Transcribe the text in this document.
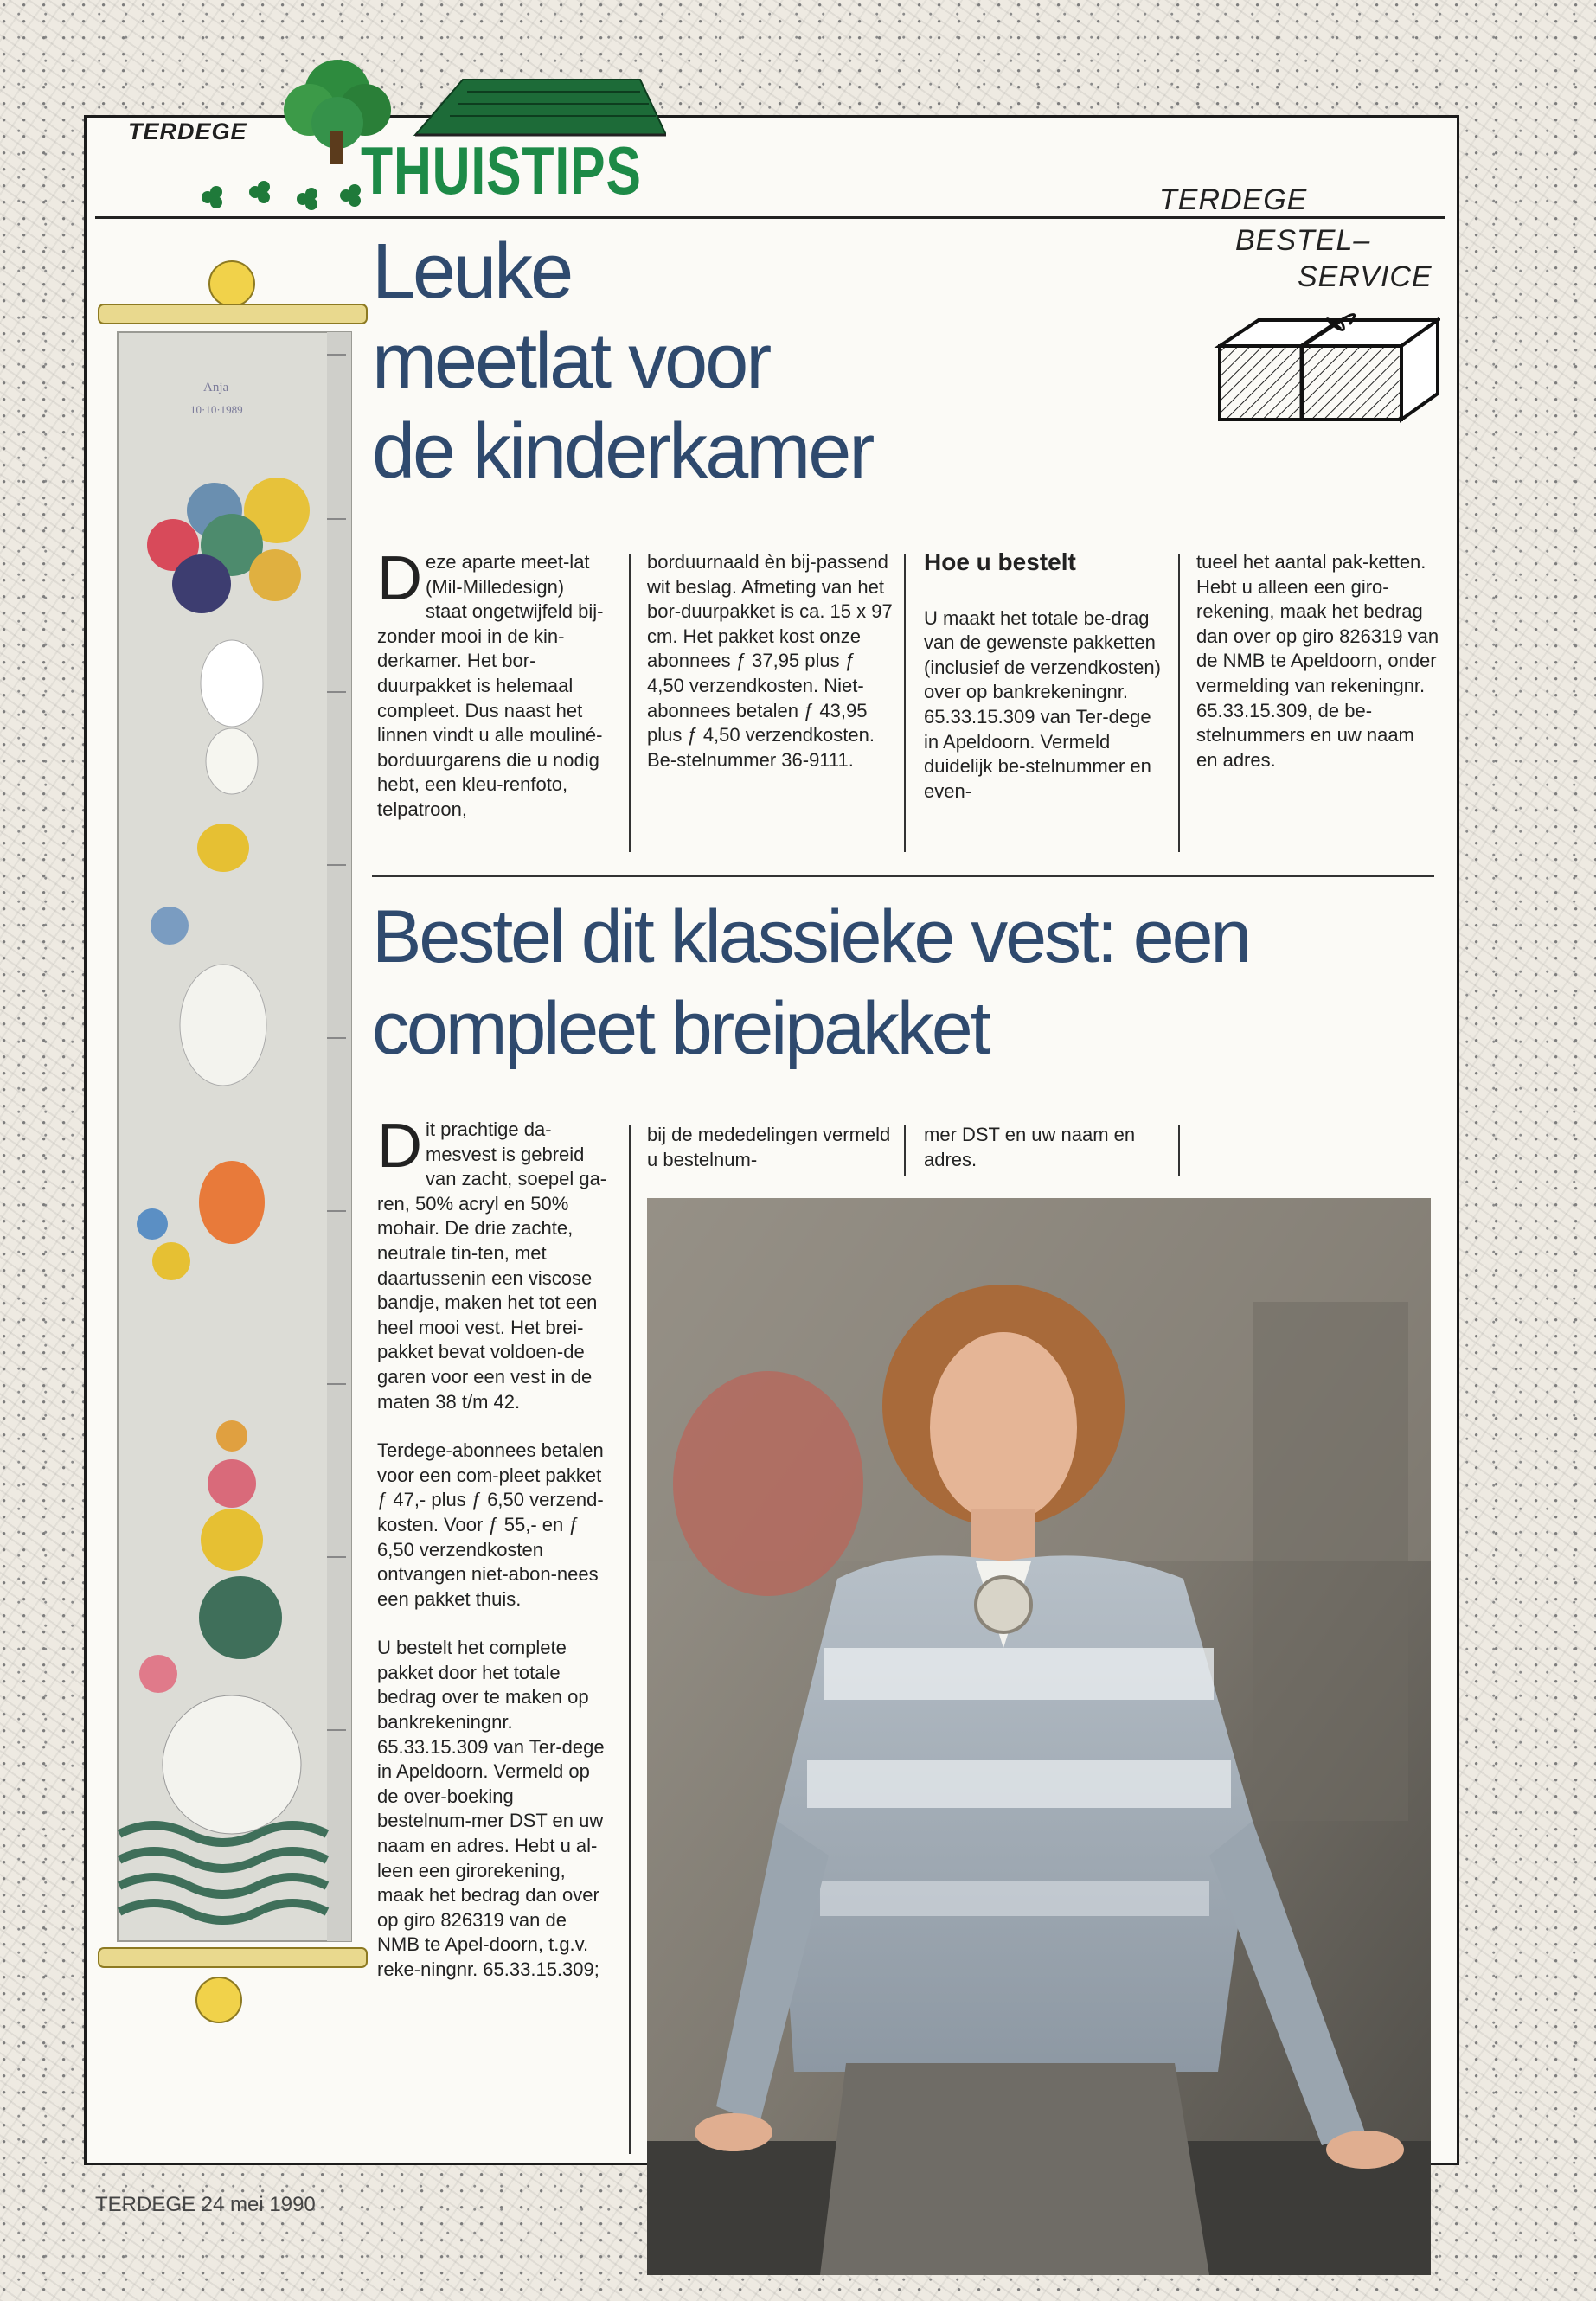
TERDEGE
THUISTIPS	TERDEGE
BESTEL–
SERVICE
Anja
10·10·1989
Leuke
meetlat voor
de kinderkamer
Deze aparte meet-lat (Mil-Milledesign) staat ongetwijfeld bij-zonder mooi in de kin-derkamer. Het bor-duurpakket is helemaal compleet. Dus naast het linnen vindt u alle mouliné-borduurgarens die u nodig hebt, een kleu-renfoto, telpatroon,
borduurnaald èn bij-passend wit beslag. Afmeting van het bor-duurpakket is ca. 15 x 97 cm. Het pakket kost onze abonnees ƒ 37,95 plus ƒ 4,50 verzendkosten. Niet-abonnees betalen ƒ 43,95 plus ƒ 4,50 verzendkosten. Be-stelnummer 36-9111.
Hoe u bestelt
U maakt het totale be-drag van de gewenste pakketten (inclusief de verzendkosten) over op bankrekeningnr. 65.33.15.309 van Ter-dege in Apeldoorn. Vermeld duidelijk be-stelnummer en even-
tueel het aantal pak-ketten. Hebt u alleen een giro-rekening, maak het bedrag dan over op giro 826319 van de NMB te Apeldoorn, onder vermelding van rekeningnr. 65.33.15.309, de be-stelnummers en uw naam en adres.
Bestel dit klassieke vest: een
compleet breipakket

Dit prachtige da-mesvest is gebreid van zacht, soepel ga-ren, 50% acryl en 50% mohair. De drie zachte, neutrale tin-ten, met daartussenin een viscose bandje, maken het tot een heel mooi vest. Het brei-pakket bevat voldoen-de garen voor een vest in de maten 38 t/m 42.

Terdege-abonnees betalen voor een com-pleet pakket ƒ 47,- plus ƒ 6,50 verzend-kosten. Voor ƒ 55,- en ƒ 6,50 verzendkosten ontvangen niet-abon-nees een pakket thuis.

U bestelt het complete pakket door het totale bedrag over te maken op bankrekeningnr. 65.33.15.309 van Ter-dege in Apeldoorn. Vermeld op de over-boeking bestelnum-mer DST en uw naam en adres. Hebt u al-leen een girorekening, maak het bedrag dan over op giro 826319 van de NMB te Apel-doorn, t.g.v. reke-ningnr. 65.33.15.309;

bij de mededelingen vermeld u bestelnum-
mer DST en uw naam en adres.
TERDEGE 24 mei 1990
